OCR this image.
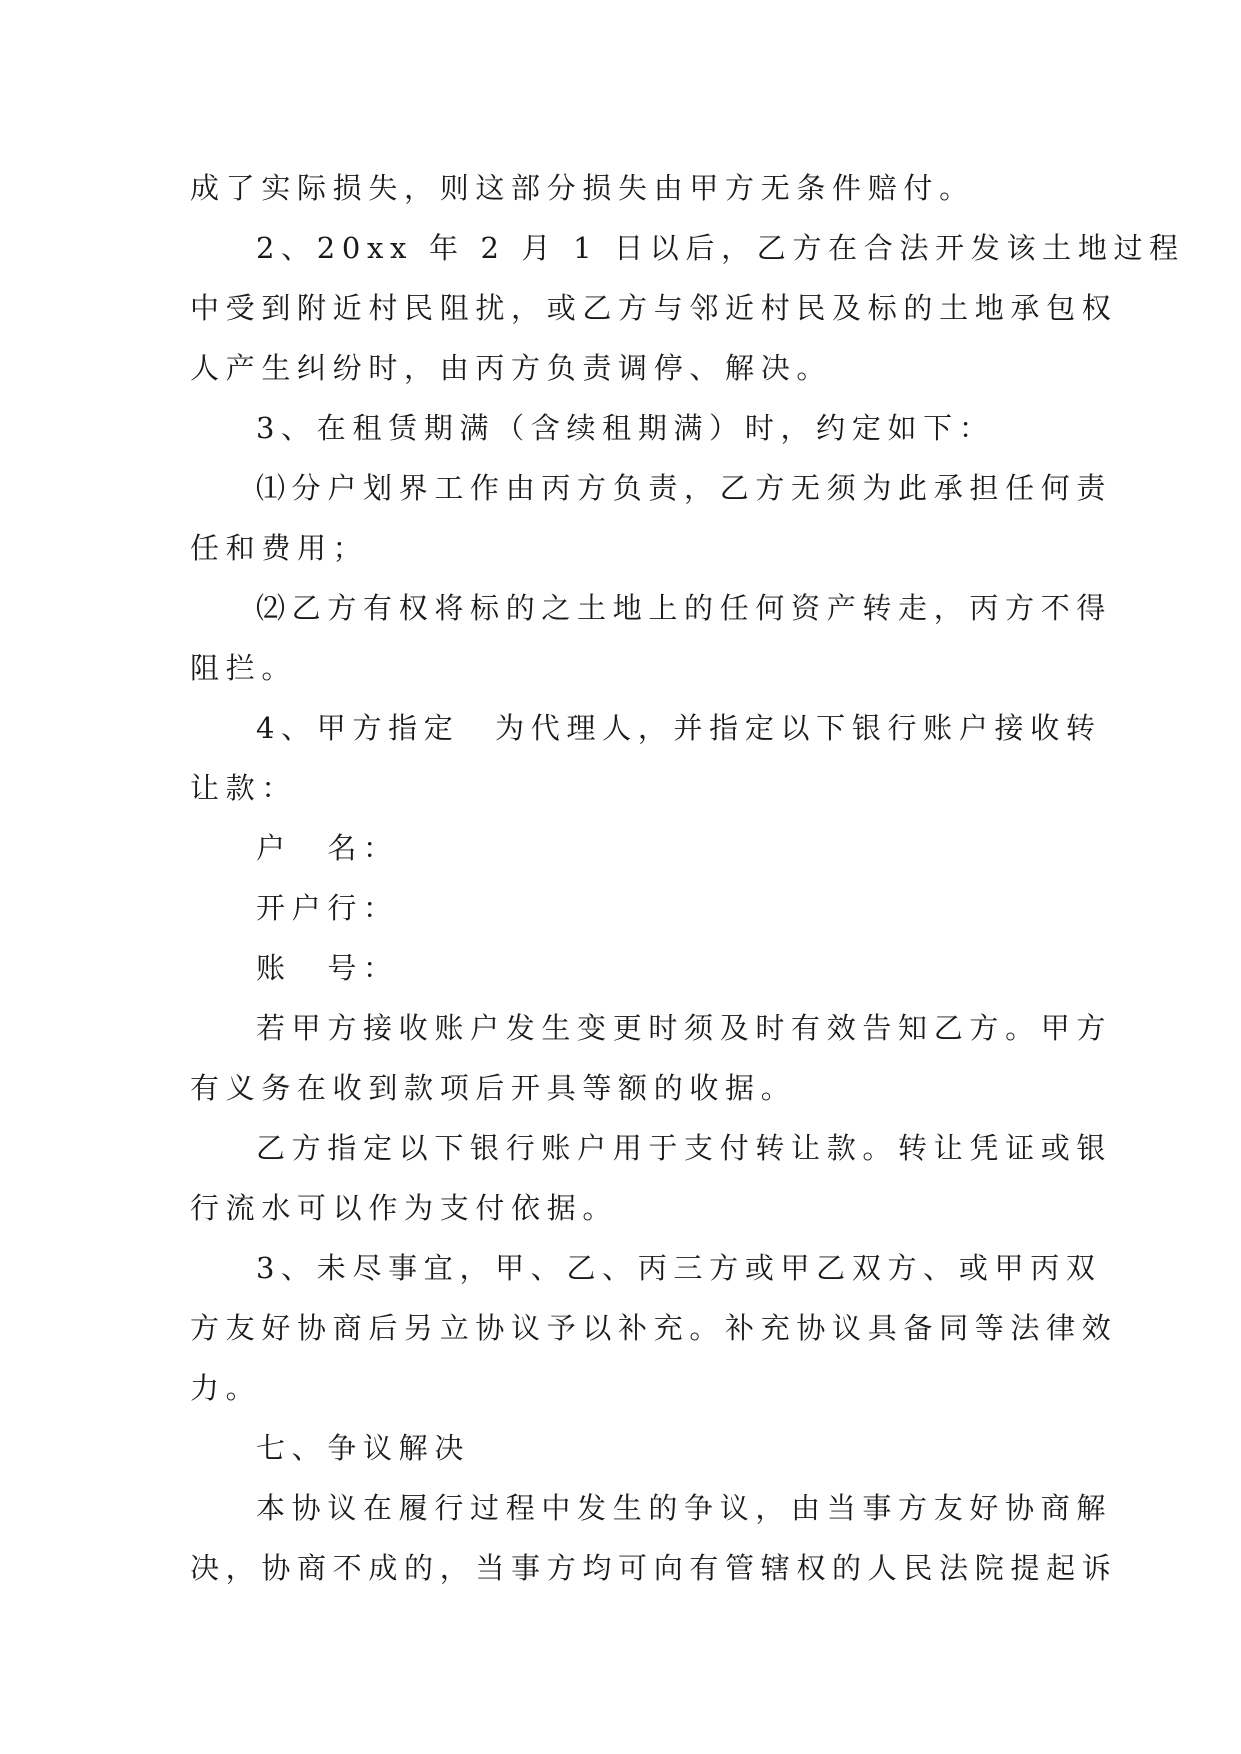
成了实际损失，则这部分损失由甲方无条件赔付。
2、20xx 年 2 月 1 日以后，乙方在合法开发该土地过程
中受到附近村民阻扰，或乙方与邻近村民及标的土地承包权
人产生纠纷时，由丙方负责调停、解决。
3、在租赁期满（含续租期满）时，约定如下：
⑴分户划界工作由丙方负责，乙方无须为此承担任何责
任和费用；
⑵乙方有权将标的之土地上的任何资产转走，丙方不得
阻拦。
4、甲方指定　为代理人，并指定以下银行账户接收转
让款：
户　名：
开户行：
账　号：
若甲方接收账户发生变更时须及时有效告知乙方。甲方
有义务在收到款项后开具等额的收据。
乙方指定以下银行账户用于支付转让款。转让凭证或银
行流水可以作为支付依据。
3、未尽事宜，甲、乙、丙三方或甲乙双方、或甲丙双
方友好协商后另立协议予以补充。补充协议具备同等法律效
力。
七、争议解决
本协议在履行过程中发生的争议，由当事方友好协商解
决，协商不成的，当事方均可向有管辖权的人民法院提起诉
